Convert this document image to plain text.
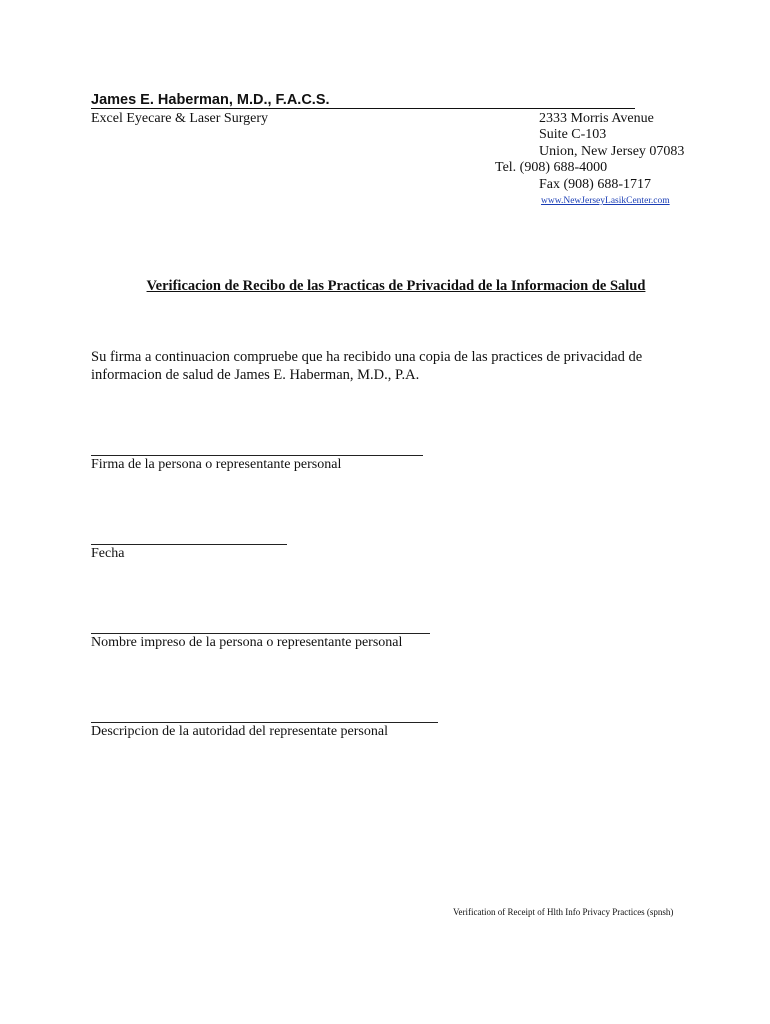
James E. Haberman, M.D., F.A.C.S.
Excel Eyecare & Laser Surgery	2333 Morris Avenue
Suite C-103
Union, New Jersey 07083
Tel. (908) 688-4000
Fax (908) 688-1717
www.NewJerseyLasikCenter.com
Verificacion de Recibo de las Practicas de Privacidad de la Informacion de Salud
Su firma a continuacion compruebe que ha recibido una copia de las practices de privacidad de informacion de salud de James E. Haberman, M.D., P.A.
Firma de la persona o representante personal
Fecha
Nombre impreso de la persona o representante personal
Descripcion de la autoridad del representate personal
Verification of Receipt of Hlth Info Privacy Practices (spnsh)
